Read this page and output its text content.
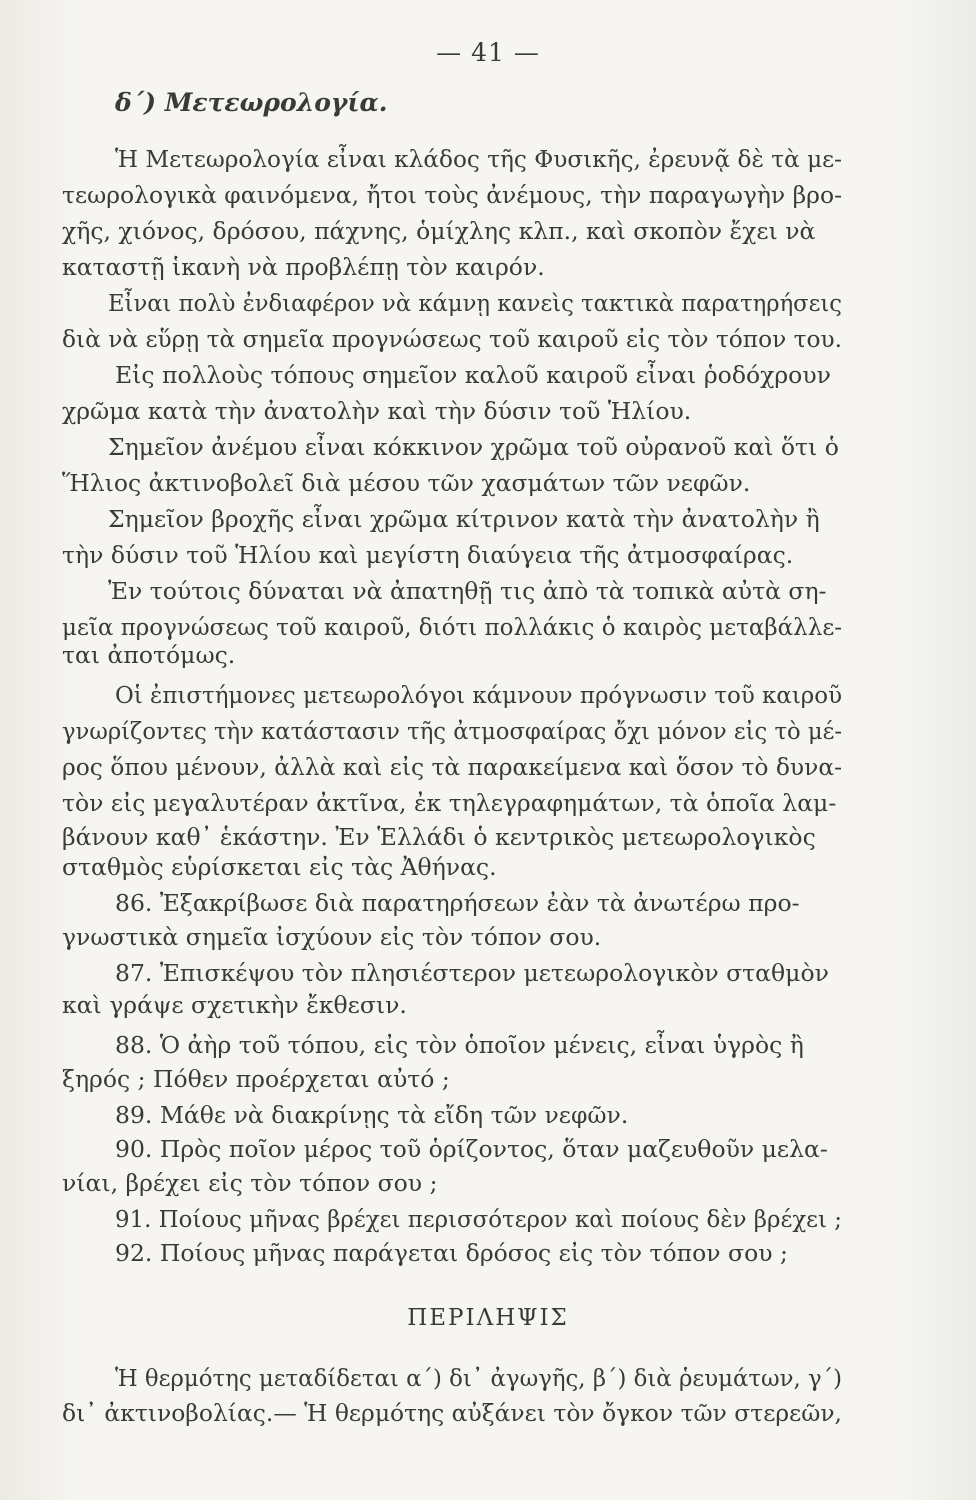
— 41 —
δ΄) Μετεωρολογία.
Ἡ Μετεωρολογία εἶναι κλάδος τῆς Φυσικῆς, ἐρευνᾷ δὲ τὰ με-
τεωρολογικὰ φαινόμενα, ἤτοι τοὺς ἀνέμους, τὴν παραγωγὴν βρο-
χῆς, χιόνος, δρόσου, πάχνης, ὁμίχλης κλπ., καὶ σκοπὸν ἔχει νὰ
καταστῇ ἱκανὴ νὰ προβλέπῃ τὸν καιρόν.
Εἶναι πολὺ ἐνδιαφέρον νὰ κάμνῃ κανεὶς τακτικὰ παρατηρήσεις
διὰ νὰ εὕρῃ τὰ σημεῖα προγνώσεως τοῦ καιροῦ εἰς τὸν τόπον του.
Εἰς πολλοὺς τόπους σημεῖον καλοῦ καιροῦ εἶναι ῥοδόχρουν
χρῶμα κατὰ τὴν ἀνατολὴν καὶ τὴν δύσιν τοῦ Ἡλίου.
Σημεῖον ἀνέμου εἶναι κόκκινον χρῶμα τοῦ οὐρανοῦ καὶ ὅτι ὁ
Ἥλιος ἀκτινοβολεῖ διὰ μέσου τῶν χασμάτων τῶν νεφῶν.
Σημεῖον βροχῆς εἶναι χρῶμα κίτρινον κατὰ τὴν ἀνατολὴν ἢ
τὴν δύσιν τοῦ Ἡλίου καὶ μεγίστη διαύγεια τῆς ἀτμοσφαίρας.
Ἐν τούτοις δύναται νὰ ἀπατηθῇ τις ἀπὸ τὰ τοπικὰ αὐτὰ ση-
μεῖα προγνώσεως τοῦ καιροῦ, διότι πολλάκις ὁ καιρὸς μεταβάλλε-
ται ἀποτόμως.
Οἱ ἐπιστήμονες μετεωρολόγοι κάμνουν πρόγνωσιν τοῦ καιροῦ
γνωρίζοντες τὴν κατάστασιν τῆς ἀτμοσφαίρας ὄχι μόνον εἰς τὸ μέ-
ρος ὅπου μένουν, ἀλλὰ καὶ εἰς τὰ παρακείμενα καὶ ὅσον τὸ δυνα-
τὸν εἰς μεγαλυτέραν ἀκτῖνα, ἐκ τηλεγραφημάτων, τὰ ὁποῖα λαμ-
βάνουν καθ᾽ ἑκάστην. Ἐν Ἑλλάδι ὁ κεντρικὸς μετεωρολογικὸς
σταθμὸς εὑρίσκεται εἰς τὰς Ἀθήνας.
86. Ἐξακρίβωσε διὰ παρατηρήσεων ἐὰν τὰ ἀνωτέρω προ-
γνωστικὰ σημεῖα ἰσχύουν εἰς τὸν τόπον σου.
87. Ἐπισκέψου τὸν πλησιέστερον μετεωρολογικὸν σταθμὸν
καὶ γράψε σχετικὴν ἔκθεσιν.
88. Ὁ ἀὴρ τοῦ τόπου, εἰς τὸν ὁποῖον μένεις, εἶναι ὑγρὸς ἢ
ξηρός ; Πόθεν προέρχεται αὐτό ;
89. Μάθε νὰ διακρίνῃς τὰ εἴδη τῶν νεφῶν.
90. Πρὸς ποῖον μέρος τοῦ ὁρίζοντος, ὅταν μαζευθοῦν μελα-
νίαι, βρέχει εἰς τὸν τόπον σου ;
91. Ποίους μῆνας βρέχει περισσότερον καὶ ποίους δὲν βρέχει ;
92. Ποίους μῆνας παράγεται δρόσος εἰς τὸν τόπον σου ;
ΠΕΡΙΛΗΨΙΣ
Ἡ θερμότης μεταδίδεται α΄) δι᾽ ἀγωγῆς, β΄) διὰ ῥευμάτων, γ΄)
δι᾽ ἀκτινοβολίας.— Ἡ θερμότης αὐξάνει τὸν ὄγκον τῶν στερεῶν,
